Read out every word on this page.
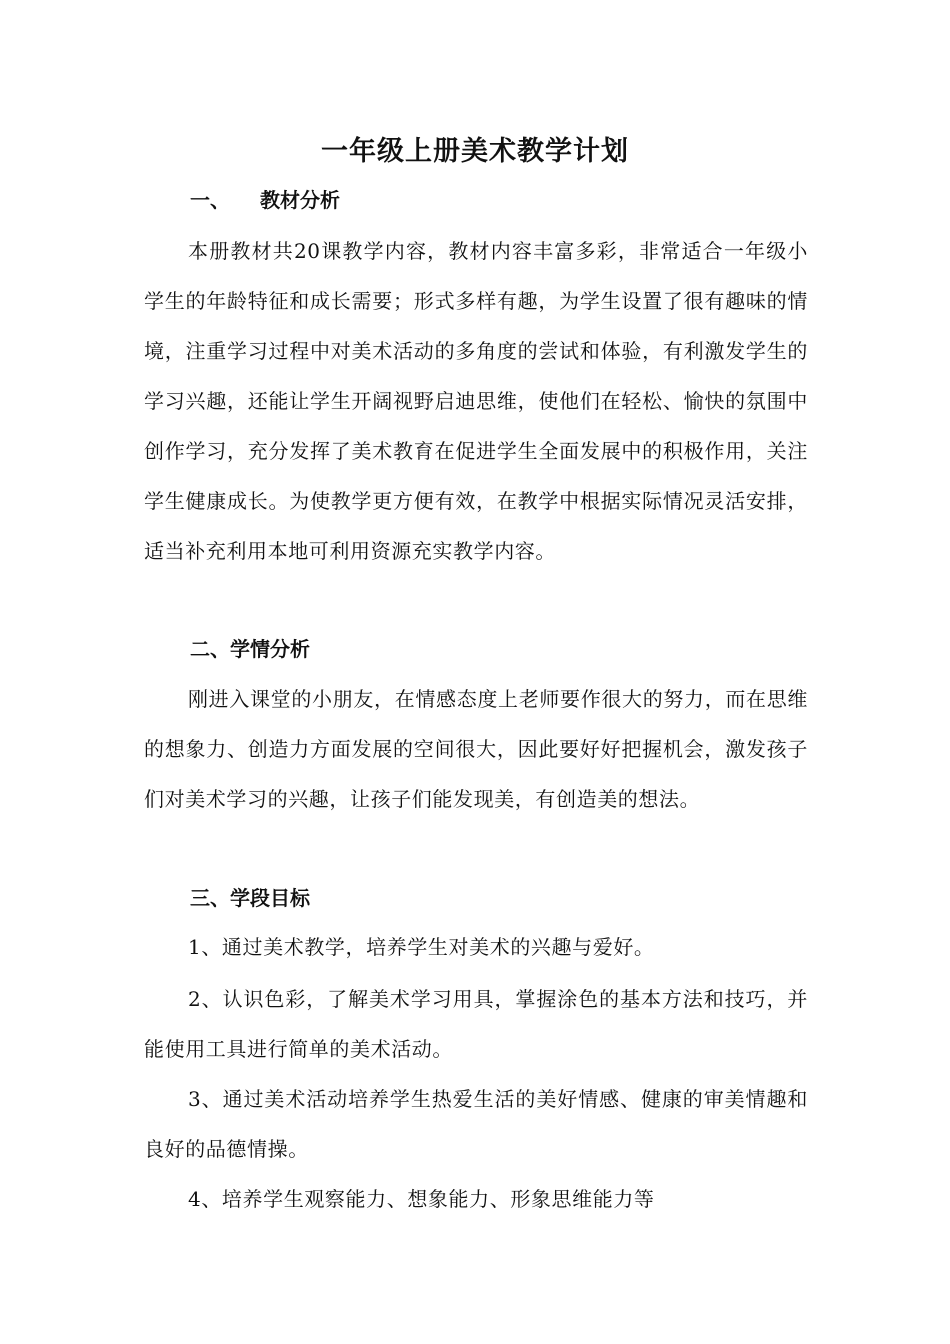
一年级上册美术教学计划
一、 教材分析

本册教材共20课教学内容，教材内容丰富多彩，非常适合一年级小学生的年龄特征和成长需要；形式多样有趣，为学生设置了很有趣味的情境，注重学习过程中对美术活动的多角度的尝试和体验，有利激发学生的学习兴趣，还能让学生开阔视野启迪思维，使他们在轻松、愉快的氛围中创作学习，充分发挥了美术教育在促进学生全面发展中的积极作用，关注学生健康成长。为使教学更方便有效，在教学中根据实际情况灵活安排，适当补充利用本地可利用资源充实教学内容。

二、学情分析

刚进入课堂的小朋友，在情感态度上老师要作很大的努力，而在思维的想象力、创造力方面发展的空间很大，因此要好好把握机会，激发孩子们对美术学习的兴趣，让孩子们能发现美，有创造美的想法。

三、学段目标

1、通过美术教学，培养学生对美术的兴趣与爱好。

2、认识色彩，了解美术学习用具，掌握涂色的基本方法和技巧，并能使用工具进行简单的美术活动。

3、通过美术活动培养学生热爱生活的美好情感、健康的审美情趣和良好的品德情操。

4、培养学生观察能力、想象能力、形象思维能力等
